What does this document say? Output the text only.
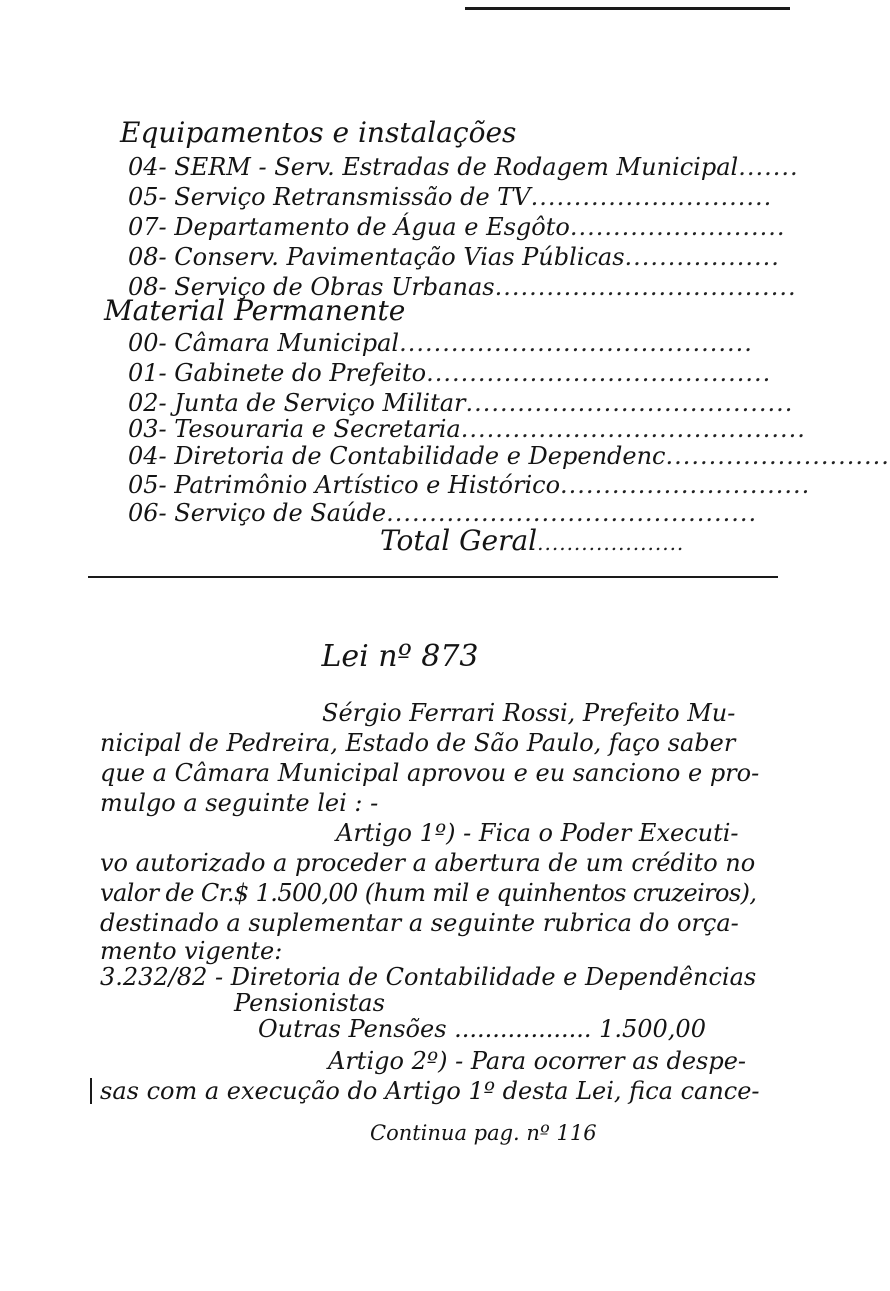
Equipamentos e instalações
04- SERM - Serv. Estradas de Rodagem Municipal.......
05- Serviço Retransmissão de TV............................
07- Departamento de Água e Esgôto.........................
08- Conserv. Pavimentação Vias Públicas..................
08- Serviço de Obras Urbanas...................................
Material Permanente
00- Câmara Municipal.........................................
01- Gabinete do Prefeito........................................
02- Junta de Serviço Militar......................................
03- Tesouraria e Secretaria........................................
04- Diretoria de Contabilidade e Dependenc..........................
05- Patrimônio Artístico e Histórico.............................
06- Serviço de Saúde...........................................
Total Geral....................
Lei nº 873
Sérgio Ferrari Rossi, Prefeito Mu-
nicipal de Pedreira, Estado de São Paulo, faço saber
que a Câmara Municipal aprovou e eu sanciono e pro-
mulgo a seguinte lei : -
Artigo 1º) - Fica o Poder Executi-
vo autorizado a proceder a abertura de um crédito no
valor de Cr.$ 1.500,00 (hum mil e quinhentos cruzeiros),
destinado a suplementar a seguinte rubrica do orça-
mento vigente:
3.232/82 - Diretoria de Contabilidade e Dependências
Pensionistas
Outras Pensões .................. 1.500,00
Artigo 2º) - Para ocorrer as despe-
sas com a execução do Artigo 1º desta Lei, fica cance-
Continua pag. nº 116
